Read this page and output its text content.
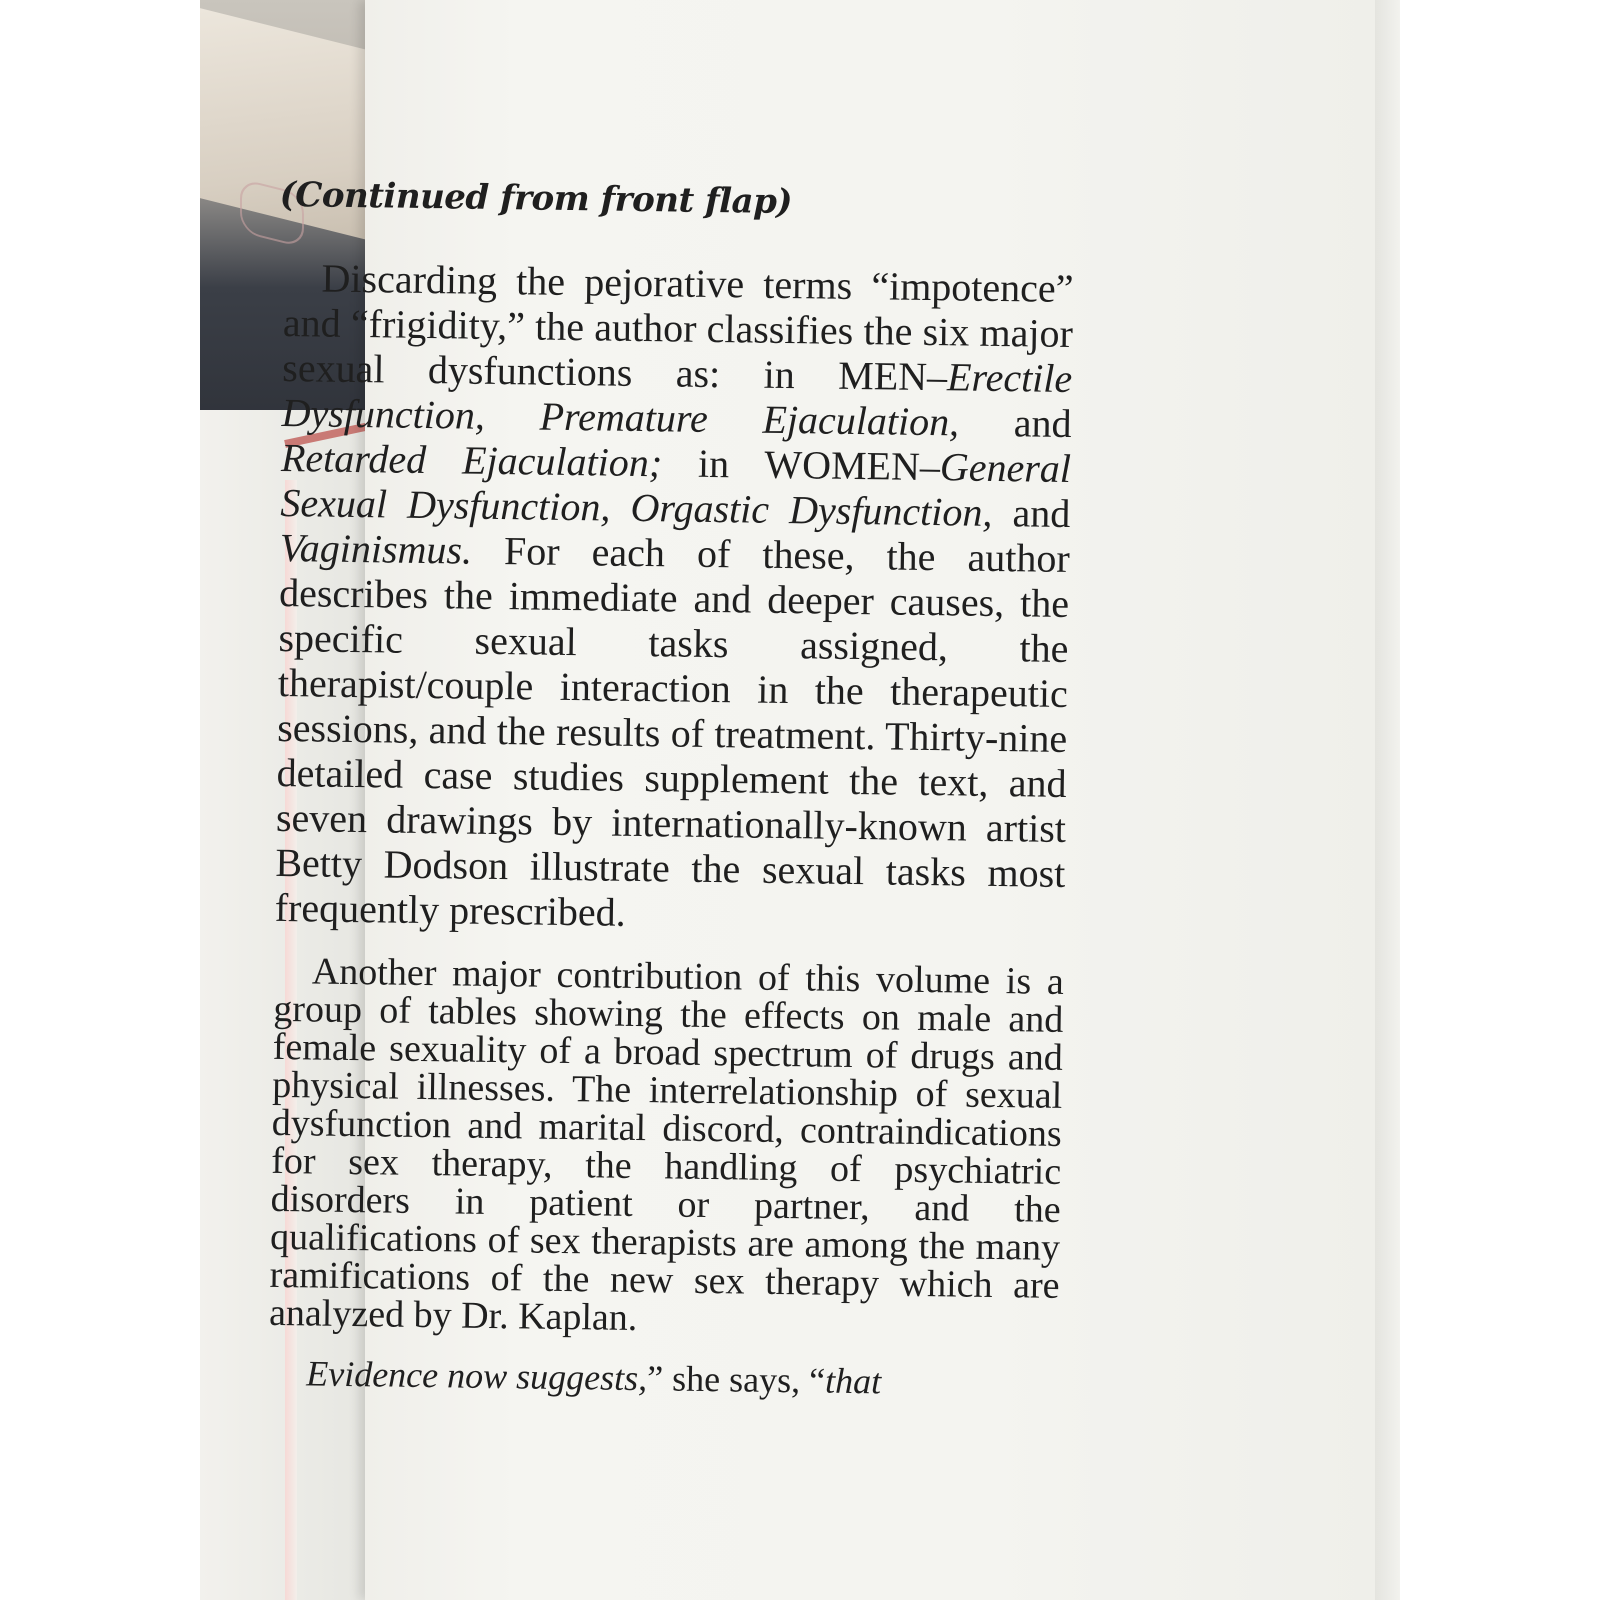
(Continued from front flap)

Discarding the pejorative terms “impotence” and “frigidity,” the author classifies the six major sexual dysfunctions as: in MEN–Erectile Dysfunction, Premature Ejaculation, and Retarded Ejaculation; in WOMEN–General Sexual Dysfunction, Orgastic Dysfunction, and Vaginismus. For each of these, the author describes the immediate and deeper causes, the specific sexual tasks assigned, the therapist/couple interaction in the therapeutic sessions, and the results of treatment. Thirty-nine detailed case studies supplement the text, and seven drawings by internationally-known artist Betty Dodson illustrate the sexual tasks most frequently prescribed.

Another major contribution of this volume is a group of tables showing the effects on male and female sexuality of a broad spectrum of drugs and physical illnesses. The interrelationship of sexual dysfunction and marital discord, contraindications for sex therapy, the handling of psychiatric disorders in patient or partner, and the qualifications of sex therapists are among the many ramifications of the new sex therapy which are analyzed by Dr. Kaplan.

Evidence now suggests,” she says, “that
